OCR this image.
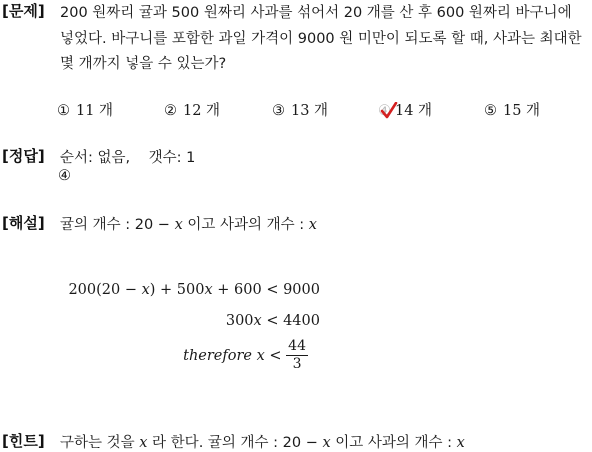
[문제] 200 원짜리 귤과 500 원짜리 사과를 섞어서 20 개를 산 후 600 원짜리 바구니에
넣었다. 바구니를 포함한 과일 가격이 9000 원 미만이 되도록 할 때, 사과는 최대한
몇 개까지 넣을 수 있는가?
① 11 개	② 12 개	③ 13 개	④ 14 개	⑤ 15 개
[정답] 순서: 없음,    갯수: 1
④
[해설] 귤의 개수 : 20 − x 이고 사과의 개수 : x
200(20 − x) + 500x + 600 < 9000
300x < 4400
therefore $x < \frac{44}{3}$
[힌트] 구하는 것을 x 라 한다. 귤의 개수 : 20 − x 이고 사과의 개수 : x
